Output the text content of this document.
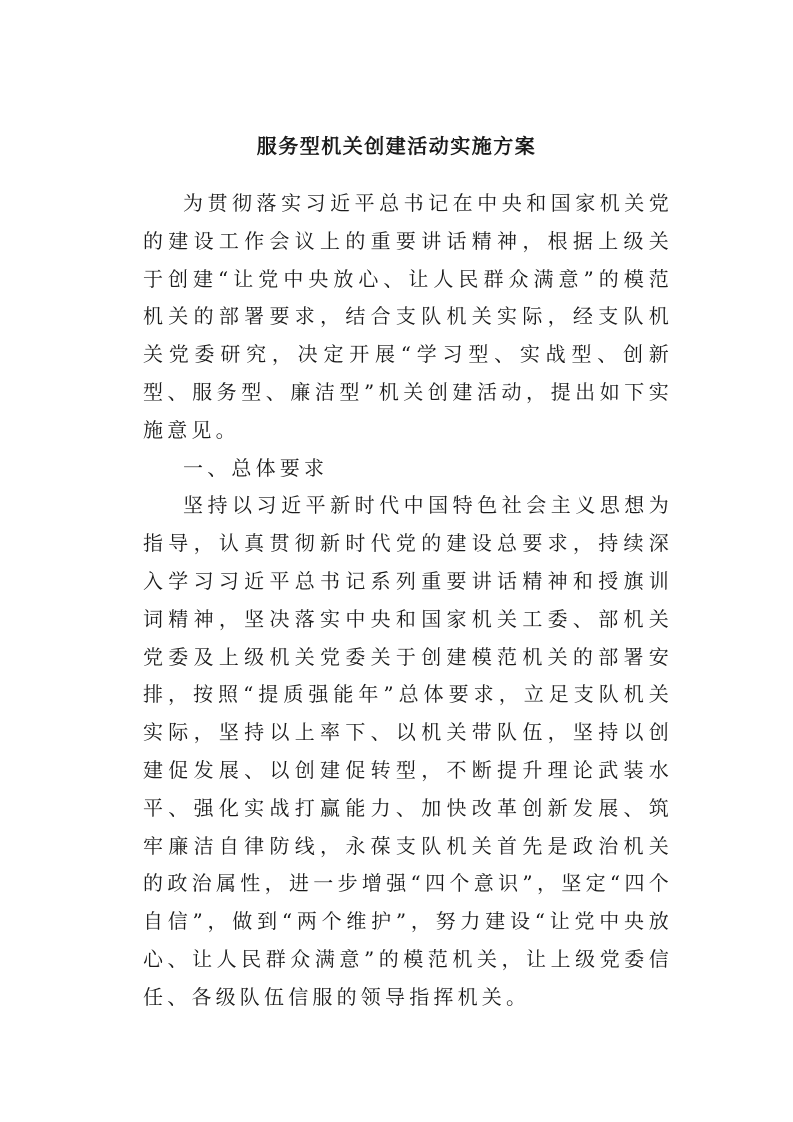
服务型机关创建活动实施方案

为贯彻落实习近平总书记在中央和国家机关党的建设工作会议上的重要讲话精神，根据上级关于创建“让党中央放心、让人民群众满意”的模范机关的部署要求，结合支队机关实际，经支队机关党委研究，决定开展“学习型、实战型、创新型、服务型、廉洁型”机关创建活动，提出如下实施意见。

一、总体要求

坚持以习近平新时代中国特色社会主义思想为指导，认真贯彻新时代党的建设总要求，持续深入学习习近平总书记系列重要讲话精神和授旗训词精神，坚决落实中央和国家机关工委、部机关党委及上级机关党委关于创建模范机关的部署安排，按照“提质强能年”总体要求，立足支队机关实际，坚持以上率下、以机关带队伍，坚持以创建促发展、以创建促转型，不断提升理论武装水平、强化实战打赢能力、加快改革创新发展、筑牢廉洁自律防线，永葆支队机关首先是政治机关的政治属性，进一步增强“四个意识”，坚定“四个自信”，做到“两个维护”，努力建设“让党中央放心、让人民群众满意”的模范机关，让上级党委信任、各级队伍信服的领导指挥机关。
